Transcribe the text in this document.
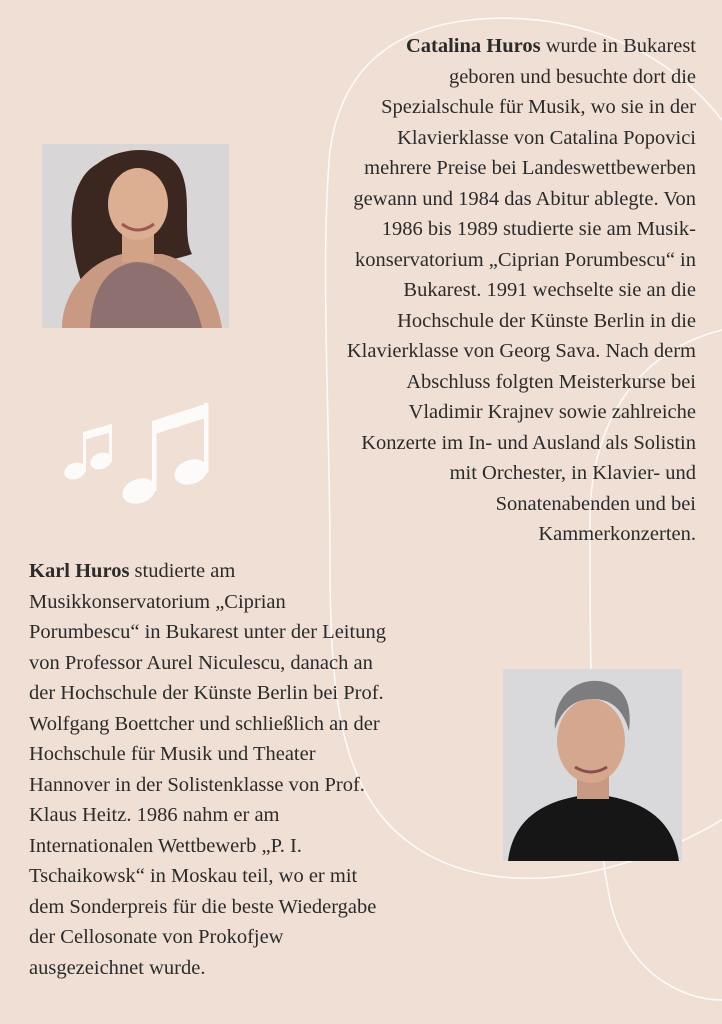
Catalina Huros wurde in Bukarest
geboren und besuchte dort die
Spezialschule für Musik, wo sie in der
Klavierklasse von Catalina Popovici
mehrere Preise bei Landeswettbewerben
gewann und 1984 das Abitur ablegte. Von
1986 bis 1989 studierte sie am Musik-
konservatorium „Ciprian Porumbescu“ in
Bukarest. 1991 wechselte sie an die
Hochschule der Künste Berlin in die
Klavierklasse von Georg Sava. Nach derm
Abschluss folgten Meisterkurse bei
Vladimir Krajnev sowie zahlreiche
Konzerte im In- und Ausland als Solistin
mit Orchester, in Klavier- und
Sonatenabenden und bei
Kammerkonzerten.

Karl Huros studierte am
Musikkonservatorium „Ciprian
Porumbescu“ in Bukarest unter der Leitung
von Professor Aurel Niculescu, danach an
der Hochschule der Künste Berlin bei Prof.
Wolfgang Boettcher und schließlich an der
Hochschule für Musik und Theater
Hannover in der Solistenklasse von Prof.
Klaus Heitz. 1986 nahm er am
Internationalen Wettbewerb „P. I.
Tschaikowsk“ in Moskau teil, wo er mit
dem Sonderpreis für die beste Wiedergabe
der Cellosonate von Prokofjew
ausgezeichnet wurde.
